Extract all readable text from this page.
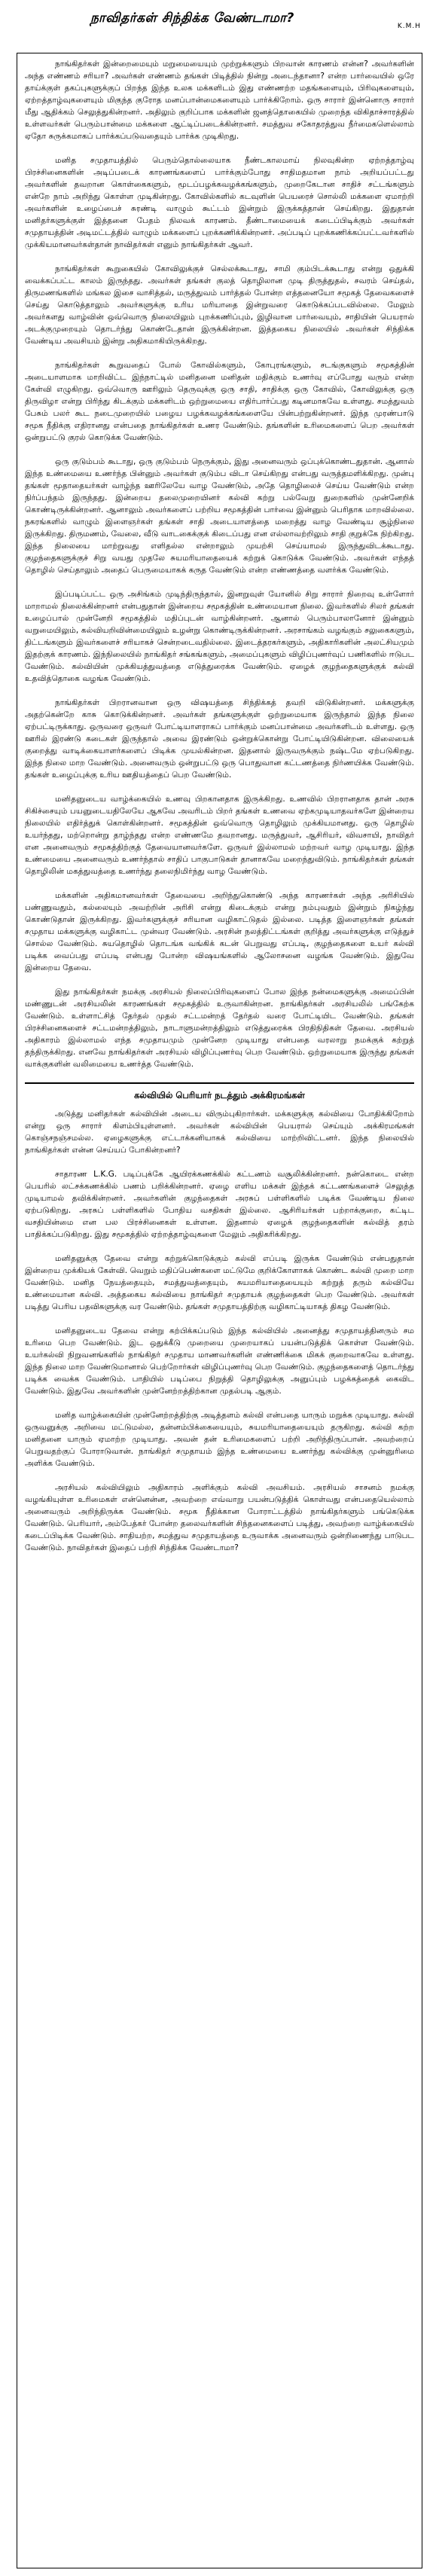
நாவிதர்கள் சிந்திக்க வேண்டாமா?
K.M.H

நாங்கிதர்கள் இன்றைமையும் மறுமையையும் முற்றுக்களும் பிறவான் காரணம் என்ன? அவர்களின் அந்த எண்ணம் சரியா? அவர்கள் எண்ணம் தங்கள் பிடித்தில் நின்று அடைந்தானா? என்ற பார்வையில் ஒரே தாய்க்குள் தகப்புகளுக்குப் பிறந்த இந்த உலக மக்களிடம் இது எண்ணற்ற மதங்களையும், பிரிவுகளையும், ஏற்றத்தாழ்வுகளையும் மிகுந்த குரோத மனப்பான்மைகளையும் பார்க்கிறோம். ஒரு சாரார் இன்னொரு சாரார் மீது ஆதிக்கம் செலுத்துகின்றனர். அதிலும் குறிப்பாக மக்களின் ஜனத்தொகையில் முறைந்த விகிதாச்சாரத்தில் உள்ளவர்கள் பெரும்பான்மை மக்களை ஆட்டிப்படைக்கின்றனர். சமத்துவ சகோதரத்துவ நீர்மைகளெல்லாம் ஏதோ சுருக்கமாகப் பார்க்கப்படுவதையும் பார்க்க முடிகிறது.

மனித சமுதாயத்தில் பெரும்தொல்லையாக நீண்டகாலமாய் நிலவுகின்ற ஏற்றத்தாழ்வு பிரச்சினைகளின் அடிப்படைக் காரணங்களைப் பார்க்கும்போது சாதிமதமான நாம் அறியப்பட்டது அவர்களின் தவறான கொள்கைகளும், மூடப்பழக்கவழக்கங்களும், முறைகேடான சாதிச் சட்டங்களும் என்றே நாம் அறிந்து கொள்ள முடிகின்றது. கோவில்களில் கடவுளின் பெயரைச் சொல்லி மக்களை ஏமாற்றி அவர்களின் உழைப்பைச் சுரண்டி வாழும் கூட்டம் இன்றும் இருக்கத்தான் செய்கிறது. இதுதான் மனிதர்களுக்குள் இத்தனை பேதம் நிலவக் காரணம். தீண்டாமையைக் கடைப்பிடிக்கும் அவர்கள் சமுதாயத்தின் அடிமட்டத்தில் வாழும் மக்களைப் புறக்கணிக்கின்றனர். அப்படிப் புறக்கணிக்கப்பட்டவர்களில் முக்கியமானவர்கள்தான் நாவிதர்கள் எனும் நாங்கிதர்கள் ஆவர்.

நாங்கிதர்கள் கூறுகையில் கோவிலுக்குச் செல்லக்கூடாது, சாமி கும்பிடக்கூடாது என்று ஒதுக்கி வைக்கப்பட்ட காலம் இருந்தது. அவர்கள் தங்கள் குலத் தொழிலான முடி திருத்துதல், சவரம் செய்தல், திருமணங்களில் மங்கல இசை வாசித்தல், மருத்துவம் பார்த்தல் போன்ற எத்தனையோ சமூகத் தேவைகளைச் செய்து கொடுத்தாலும் அவர்களுக்கு உரிய மரியாதை இன்றுவரை கொடுக்கப்படவில்லை. மேலும் அவர்களது வாழ்வின் ஒவ்வொரு நிலையிலும் புறக்கணிப்பும், இழிவான பார்வையும், சாதியின் பெயரால் அடக்குமுறையும் தொடர்ந்து கொண்டேதான் இருக்கின்றன. இத்தகைய நிலையில் அவர்கள் சிந்திக்க வேண்டிய அவசியம் இன்று அதிகமாகியிருக்கிறது.

நாங்கிதர்கள் கூறுவதைப் போல் கோவில்களும், கோபுரங்களும், சடங்குகளும் சமூகத்தின் அடையாளமாக மாறிவிட்ட இந்நாட்டில் மனிதனை மனிதன் மதிக்கும் உணர்வு எப்போது வரும் என்ற கேள்வி எழுகிறது. ஒவ்வொரு ஊரிலும் தெருவுக்கு ஒரு சாதி, சாதிக்கு ஒரு கோவில், கோவிலுக்கு ஒரு திருவிழா என்று பிரிந்து கிடக்கும் மக்களிடம் ஒற்றுமையை எதிர்பார்ப்பது கடினமாகவே உள்ளது. சமத்துவம் பேசும் பலர் கூட நடைமுறையில் பழைய பழக்கவழக்கங்களையே பின்பற்றுகின்றனர். இந்த முரண்பாடு சமூக நீதிக்கு எதிரானது என்பதை நாங்கிதர்கள் உணர வேண்டும். தங்களின் உரிமைகளைப் பெற அவர்கள் ஒன்றுபட்டு குரல் கொடுக்க வேண்டும்.

ஒரு குடும்பம் கூடாது, ஒரு குடும்பம் நெருக்கும், இது அனைவரும் ஒப்புக்கொண்டதுதான். ஆனால் இந்த உண்மையை உணர்ந்த பின்னும் அவர்கள் குடும்ப விடா செய்கிறது என்பது வருத்தமளிக்கிறது. முன்பு தங்கள் மூதாதையர்கள் வாழ்ந்த ஊரிலேயே வாழ வேண்டும், அதே தொழிலைச் செய்ய வேண்டும் என்ற நிர்ப்பந்தம் இருந்தது. இன்றைய தலைமுறையினர் கல்வி கற்று பல்வேறு துறைகளில் முன்னேறிக் கொண்டிருக்கின்றனர். ஆனாலும் அவர்களைப் பற்றிய சமூகத்தின் பார்வை இன்னும் பெரிதாக மாறவில்லை. நகரங்களில் வாழும் இளைஞர்கள் தங்கள் சாதி அடையாளத்தை மறைத்து வாழ வேண்டிய சூழ்நிலை இருக்கிறது. திருமணம், வேலை, வீடு வாடகைக்குக் கிடைப்பது என எல்லாவற்றிலும் சாதி குறுக்கே நிற்கிறது. இந்த நிலையை மாற்றுவது எளிதல்ல என்றாலும் முயற்சி செய்யாமல் இருந்துவிடக்கூடாது. குழந்தைகளுக்குச் சிறு வயது முதலே சுயமரியாதையைக் கற்றுக் கொடுக்க வேண்டும். அவர்கள் எந்தத் தொழில் செய்தாலும் அதைப் பெருமையாகக் கருத வேண்டும் என்ற எண்ணத்தை வளர்க்க வேண்டும்.

இப்படிப்பட்ட ஒரு அசிங்கம் முடிந்திருந்தால், இனறுவுள் யோனில் சிறு சாரார் நிறைவு உள்ளோர் மாறாமல் நிலைக்கின்றனர் என்பதுதான் இன்றைய சமூகத்தின் உண்மையான நிலை. இவர்களில் சிலர் தங்கள் உழைப்பால் முன்னேறி சமூகத்தில் மதிப்புடன் வாழ்கின்றனர். ஆனால் பெரும்பாலானோர் இன்னும் வறுமையிலும், கல்வியறிவின்மையிலும் உழன்று கொண்டிருக்கின்றனர். அரசாங்கம் வழங்கும் சலுகைகளும், திட்டங்களும் இவர்களைச் சரியாகச் சென்றடைவதில்லை. இடைத்தரகர்களும், அதிகாரிகளின் அலட்சியமும் இதற்குக் காரணம். இந்நிலையில் நாங்கிதர் சங்கங்களும், அமைப்புகளும் விழிப்புணர்வுப் பணிகளில் ஈடுபட வேண்டும். கல்வியின் முக்கியத்துவத்தை எடுத்துரைக்க வேண்டும். ஏழைக் குழந்தைகளுக்குக் கல்வி உதவித்தொகை வழங்க வேண்டும்.

நாங்கிதர்கள் பிறரானவான ஒரு விஷயத்தை சிந்திக்கத் தவறி விடுகின்றனர். மக்களுக்கு அதற்கென்றே காசு கொடுக்கின்றனர். அவர்கள் தங்களுக்குள் ஒற்றுமையாக இருந்தால் இந்த நிலை ஏற்பட்டிருக்காது. ஒருவரை ஒருவர் போட்டியாளராகப் பார்க்கும் மனப்பான்மை அவர்களிடம் உள்ளது. ஒரு ஊரில் இரண்டு கடைகள் இருந்தால் அவை இரண்டும் ஒன்றுக்கொன்று போட்டியிடுகின்றன. விலையைக் குறைத்து வாடிக்கையாளர்களைப் பிடிக்க முயல்கின்றன. இதனால் இருவருக்கும் நஷ்டமே ஏற்படுகிறது. இந்த நிலை மாற வேண்டும். அனைவரும் ஒன்றுபட்டு ஒரு பொதுவான கட்டணத்தை நிர்ணயிக்க வேண்டும். தங்கள் உழைப்புக்கு உரிய ஊதியத்தைப் பெற வேண்டும்.

மனிதனுடைய வாழ்க்கையில் உணவு பிறகானதாக இருக்கிறது. உணவில் பிறரானதாக தான் அரசு சிகிச்சையும் பயனுடையதிலேயே ஆகவே அவரிடம் பிறர் தங்கள் உணவை ஏற்கமுடியாதவர்களே இன்றைய நிலையில் எதிர்த்துக் கொள்கின்றனர். சமூகத்தின் ஒவ்வொரு தொழிலும் முக்கியமானது. ஒரு தொழில் உயர்ந்தது, மற்றொன்று தாழ்ந்தது என்ற எண்ணமே தவறானது. மருத்துவர், ஆசிரியர், விவசாயி, நாவிதர் என அனைவரும் சமூகத்திற்குத் தேவையானவர்களே. ஒருவர் இல்லாமல் மற்றவர் வாழ முடியாது. இந்த உண்மையை அனைவரும் உணர்ந்தால் சாதிப் பாகுபாடுகள் தானாகவே மறைந்துவிடும். நாங்கிதர்கள் தங்கள் தொழிலின் மகத்துவத்தை உணர்ந்து தலைநிமிர்ந்து வாழ வேண்டும்.

மக்களின் அதிகமானவர்கள் தேவையை அறிந்துகொண்டு அந்த காரணர்கள் அந்த அரிசியில் பண்ணுவதும், கல்லையும் அவற்றின் அரிசி என்று கிடைக்கும் என்று நம்புவதும் இன்றும் நிகழ்ந்து கொண்டுதான் இருக்கிறது. இவர்களுக்குச் சரியான வழிகாட்டுதல் இல்லை. படித்த இளைஞர்கள் தங்கள் சமுதாய மக்களுக்கு வழிகாட்ட முன்வர வேண்டும். அரசின் நலத்திட்டங்கள் குறித்து அவர்களுக்கு எடுத்துச் சொல்ல வேண்டும். சுயதொழில் தொடங்க வங்கிக் கடன் பெறுவது எப்படி, குழந்தைகளை உயர் கல்வி படிக்க வைப்பது எப்படி என்பது போன்ற விஷயங்களில் ஆலோசனை வழங்க வேண்டும். இதுவே இன்றைய தேவை.

இது நாங்கிதர்கள் நமக்கு அரசியல் நிலைப்பிரிவுகளைப் போல இந்த நன்மைகளுக்கு அமைப்பின் மண்ணுடன் அரசியலின் காரணங்கள் சமூகத்தில் உருவாகின்றன. நாங்கிதர்கள் அரசியலில் பங்கேற்க வேண்டும். உள்ளாட்சித் தேர்தல் முதல் சட்டமன்றத் தேர்தல் வரை போட்டியிட வேண்டும். தங்கள் பிரச்சினைகளைச் சட்டமன்றத்திலும், நாடாளுமன்றத்திலும் எடுத்துரைக்க பிரதிநிதிகள் தேவை. அரசியல் அதிகாரம் இல்லாமல் எந்த சமுதாயமும் முன்னேற முடியாது என்பதை வரலாறு நமக்குக் கற்றுத் தந்திருக்கிறது. எனவே நாங்கிதர்கள் அரசியல் விழிப்புணர்வு பெற வேண்டும். ஒற்றுமையாக இருந்து தங்கள் வாக்குகளின் வலிமையை உணர்த்த வேண்டும்.

கல்வியில் பெரியார் நடத்தும் அக்கிரமங்கள்

அடுத்து மனிதர்கள் கல்வியின் அடைய விரும்புகிறார்கள். மக்களுக்கு கல்வியை போதிக்கிறோம் என்று ஒரு சாரார் கிளம்பியுள்ளனர். அவர்கள் கல்வியின் பெயரால் செய்யும் அக்கிரமங்கள் கொஞ்சநஞ்சமல்ல. ஏழைகளுக்கு எட்டாக்கனியாகக் கல்வியை மாற்றிவிட்டனர். இந்த நிலையில் நாங்கிதர்கள் என்ன செய்யப் போகின்றனர்?

சாதாரண L.K.G. படிப்புக்கே ஆயிரக்கணக்கில் கட்டணம் வசூலிக்கின்றனர். நன்கொடை என்ற பெயரில் லட்சக்கணக்கில் பணம் பறிக்கின்றனர். ஏழை எளிய மக்கள் இந்தக் கட்டணங்களைச் செலுத்த முடியாமல் தவிக்கின்றனர். அவர்களின் குழந்தைகள் அரசுப் பள்ளிகளில் படிக்க வேண்டிய நிலை ஏற்படுகிறது. அரசுப் பள்ளிகளில் போதிய வசதிகள் இல்லை. ஆசிரியர்கள் பற்றாக்குறை, கட்டிட வசதியின்மை என பல பிரச்சினைகள் உள்ளன. இதனால் ஏழைக் குழந்தைகளின் கல்வித் தரம் பாதிக்கப்படுகிறது. இது சமூகத்தில் ஏற்றத்தாழ்வுகளை மேலும் அதிகரிக்கிறது.

மனிதனுக்கு தேவை என்று கற்றுக்கொடுக்கும் கல்வி எப்படி இருக்க வேண்டும் என்பதுதான் இன்றைய முக்கியக் கேள்வி. வெறும் மதிப்பெண்களை மட்டுமே குறிக்கோளாகக் கொண்ட கல்வி முறை மாற வேண்டும். மனித நேயத்தையும், சமத்துவத்தையும், சுயமரியாதையையும் கற்றுத் தரும் கல்வியே உண்மையான கல்வி. அத்தகைய கல்வியை நாங்கிதர் சமுதாயக் குழந்தைகள் பெற வேண்டும். அவர்கள் படித்து பெரிய பதவிகளுக்கு வர வேண்டும். தங்கள் சமுதாயத்திற்கு வழிகாட்டியாகத் திகழ வேண்டும்.

மனிதனுடைய தேவை என்று கற்பிக்கப்படும் இந்த கல்வியில் அனைத்து சமுதாயத்தினரும் சம உரிமை பெற வேண்டும். இட ஒதுக்கீடு முறையை முறையாகப் பயன்படுத்திக் கொள்ள வேண்டும். உயர்கல்வி நிறுவனங்களில் நாங்கிதர் சமுதாய மாணவர்களின் எண்ணிக்கை மிகக் குறைவாகவே உள்ளது. இந்த நிலை மாற வேண்டுமானால் பெற்றோர்கள் விழிப்புணர்வு பெற வேண்டும். குழந்தைகளைத் தொடர்ந்து படிக்க வைக்க வேண்டும். பாதியில் படிப்பை நிறுத்தி தொழிலுக்கு அனுப்பும் பழக்கத்தைக் கைவிட வேண்டும். இதுவே அவர்களின் முன்னேற்றத்திற்கான முதல்படி ஆகும்.

மனித வாழ்க்கையின் முன்னேற்றத்திற்கு அடித்தளம் கல்வி என்பதை யாரும் மறுக்க முடியாது. கல்வி ஒருவனுக்கு அறிவை மட்டுமல்ல, தன்னம்பிக்கையையும், சுயமரியாதையையும் தருகிறது. கல்வி கற்ற மனிதனை யாரும் ஏமாற்ற முடியாது. அவன் தன் உரிமைகளைப் பற்றி அறிந்திருப்பான். அவற்றைப் பெறுவதற்குப் போராடுவான். நாங்கிதர் சமுதாயம் இந்த உண்மையை உணர்ந்து கல்விக்கு முன்னுரிமை அளிக்க வேண்டும்.

அரசியல் கல்வியிலும் அதிகாரம் அளிக்கும் கல்வி அவசியம். அரசியல் சாசனம் நமக்கு வழங்கியுள்ள உரிமைகள் என்னென்ன, அவற்றை எவ்வாறு பயன்படுத்திக் கொள்வது என்பதையெல்லாம் அனைவரும் அறிந்திருக்க வேண்டும். சமூக நீதிக்கான போராட்டத்தில் நாங்கிதர்களும் பங்கெடுக்க வேண்டும். பெரியார், அம்பேத்கர் போன்ற தலைவர்களின் சிந்தனைகளைப் படித்து, அவற்றை வாழ்க்கையில் கடைப்பிடிக்க வேண்டும். சாதியற்ற, சமத்துவ சமுதாயத்தை உருவாக்க அனைவரும் ஒன்றிணைந்து பாடுபட வேண்டும். நாவிதர்கள் இதைப் பற்றி சிந்திக்க வேண்டாமா?
